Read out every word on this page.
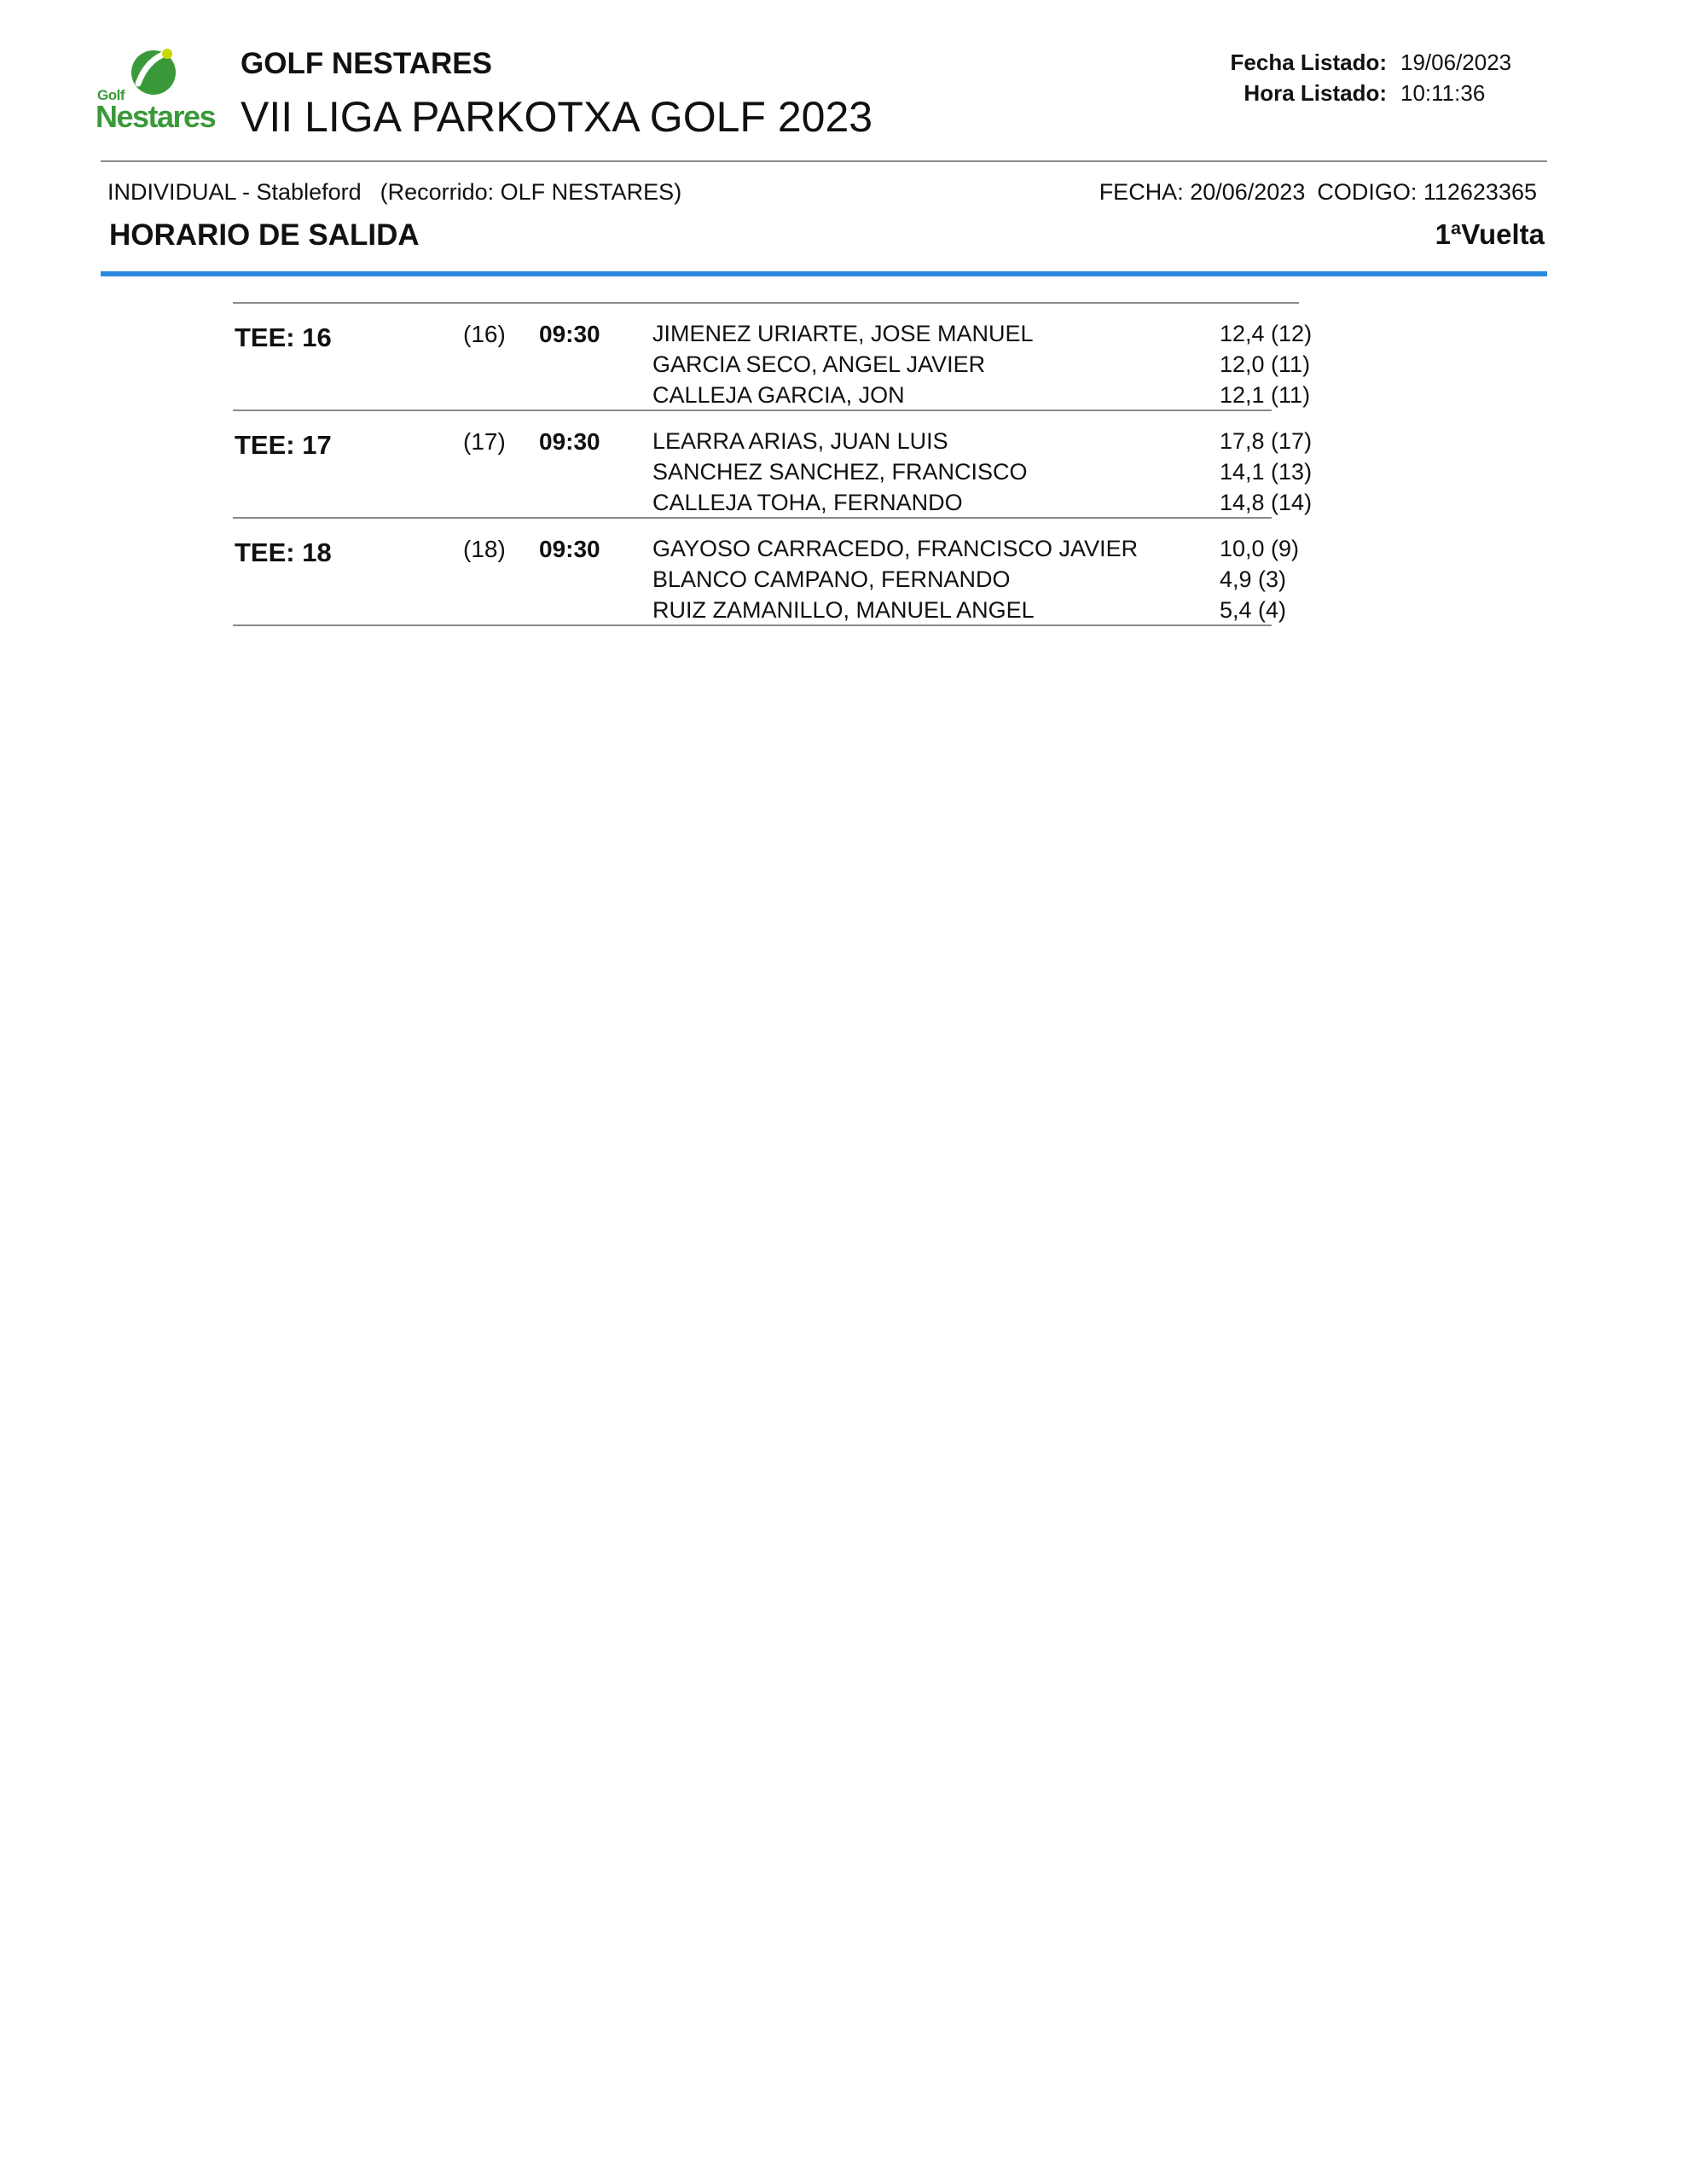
Golf
Nestares
GOLF NESTARES
VII LIGA PARKOTXA GOLF 2023
Fecha Listado:
Hora Listado:
19/06/2023
10:11:36
INDIVIDUAL - Stableford (Recorrido: OLF NESTARES)	FECHA: 20/06/2023 CODIGO: 112623365
HORARIO DE SALIDA	1ªVuelta
TEE: 16	(16) 09:30 JIMENEZ URIARTE, JOSE MANUEL	12,4 (12)
GARCIA SECO, ANGEL JAVIER	12,0 (11)
CALLEJA GARCIA, JON	12,1 (11)
TEE: 17	(17) 09:30 LEARRA ARIAS, JUAN LUIS	17,8 (17)
SANCHEZ SANCHEZ, FRANCISCO	14,1 (13)
CALLEJA TOHA, FERNANDO	14,8 (14)
TEE: 18	(18) 09:30 GAYOSO CARRACEDO, FRANCISCO JAVIER	10,0 (9)
BLANCO CAMPANO, FERNANDO	4,9 (3)
RUIZ ZAMANILLO, MANUEL ANGEL	5,4 (4)
